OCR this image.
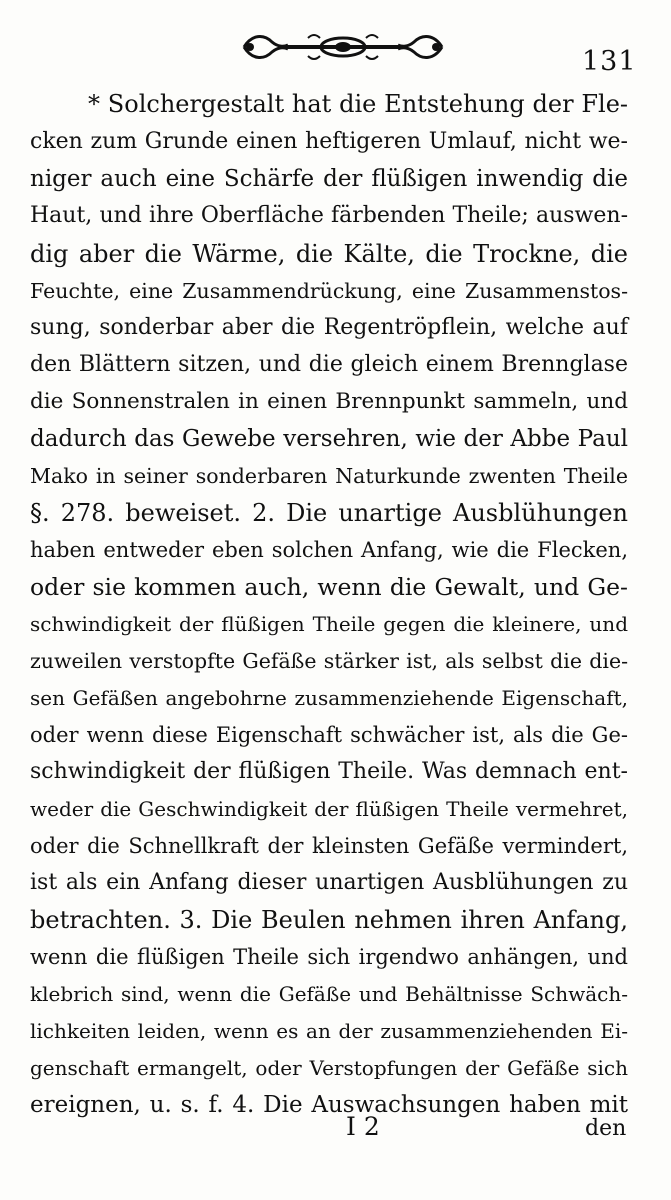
131
* Solchergestalt hat die Entstehung der Fle-
cken zum Grunde einen heftigeren Umlauf, nicht we-
niger auch eine Schärfe der flüßigen inwendig die
Haut, und ihre Oberfläche färbenden Theile; auswen-
dig aber die Wärme, die Kälte, die Trockne, die
Feuchte, eine Zusammendrückung, eine Zusammenstos-
sung, sonderbar aber die Regentröpflein, welche auf
den Blättern sitzen, und die gleich einem Brennglase
die Sonnenstralen in einen Brennpunkt sammeln, und
dadurch das Gewebe versehren, wie der Abbe Paul
Mako in seiner sonderbaren Naturkunde zwenten Theile
§. 278. beweiset. 2. Die unartige Ausblühungen
haben entweder eben solchen Anfang, wie die Flecken,
oder sie kommen auch, wenn die Gewalt, und Ge-
schwindigkeit der flüßigen Theile gegen die kleinere, und
zuweilen verstopfte Gefäße stärker ist, als selbst die die-
sen Gefäßen angebohrne zusammenziehende Eigenschaft,
oder wenn diese Eigenschaft schwächer ist, als die Ge-
schwindigkeit der flüßigen Theile. Was demnach ent-
weder die Geschwindigkeit der flüßigen Theile vermehret,
oder die Schnellkraft der kleinsten Gefäße vermindert,
ist als ein Anfang dieser unartigen Ausblühungen zu
betrachten. 3. Die Beulen nehmen ihren Anfang,
wenn die flüßigen Theile sich irgendwo anhängen, und
klebrich sind, wenn die Gefäße und Behältnisse Schwäch-
lichkeiten leiden, wenn es an der zusammenziehenden Ei-
genschaft ermangelt, oder Verstopfungen der Gefäße sich
ereignen, u. s. f. 4. Die Auswachsungen haben mit
I 2	den
